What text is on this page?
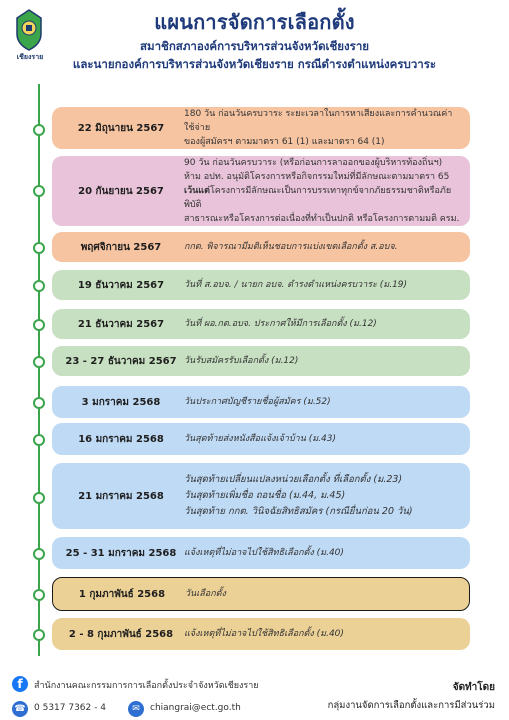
เชียงราย
แผนการจัดการเลือกตั้ง
สมาชิกสภาองค์การบริหารส่วนจังหวัดเชียงราย
และนายกองค์การบริหารส่วนจังหวัดเชียงราย กรณีดำรงตำแหน่งครบวาระ
22 มิถุนายน 2567
180 วัน ก่อนวันครบวาระ ระยะเวลาในการหาเสียงและการคำนวณค่าใช้จ่าย
ของผู้สมัครฯ ตามมาตรา 61 (1) และมาตรา 64 (1)
20 กันยายน 2567
90 วัน ก่อนวันครบวาระ (หรือก่อนการลาออกของผู้บริหารท้องถิ่นฯ)
ห้าม อปท. อนุมัติโครงการหรือกิจกรรมใหม่ที่มีลักษณะตามมาตรา 65
เว้นแต่โครงการมีลักษณะเป็นการบรรเทาทุกข์จากภัยธรรมชาติหรือภัยพิบัติ
สาธารณะหรือโครงการต่อเนื่องที่ทำเป็นปกติ หรือโครงการตามมติ ครม.
พฤศจิกายน 2567	กกต. พิจารณามีมติเห็นชอบการแบ่งเขตเลือกตั้ง ส.อบจ.
19 ธันวาคม 2567	วันที่ ส.อบจ. / นายก อบจ. ดำรงตำแหน่งครบวาระ (ม.19)
21 ธันวาคม 2567	วันที่ ผอ.กต.อบจ. ประกาศให้มีการเลือกตั้ง (ม.12)
23 - 27 ธันวาคม 2567 วันรับสมัครรับเลือกตั้ง (ม.12)
3 มกราคม 2568	วันประกาศบัญชีรายชื่อผู้สมัคร (ม.52)
16 มกราคม 2568	วันสุดท้ายส่งหนังสือแจ้งเจ้าบ้าน (ม.43)
21 มกราคม 2568
วันสุดท้ายเปลี่ยนแปลงหน่วยเลือกตั้ง ที่เลือกตั้ง (ม.23)
วันสุดท้ายเพิ่มชื่อ ถอนชื่อ (ม.44, ม.45)
วันสุดท้าย กกต. วินิจฉัยสิทธิสมัคร (กรณียื่นก่อน 20 วัน)
25 - 31 มกราคม 2568 แจ้งเหตุที่ไม่อาจไปใช้สิทธิเลือกตั้ง (ม.40)
1 กุมภาพันธ์ 2568	วันเลือกตั้ง
2 - 8 กุมภาพันธ์ 2568	แจ้งเหตุที่ไม่อาจไปใช้สิทธิเลือกตั้ง (ม.40)
f	สำนักงานคณะกรรมการการเลือกตั้งประจำจังหวัดเชียงราย
☎ 0 5317 7362 - 4	✉	chiangrai@ect.go.th
จัดทำโดย
กลุ่มงานจัดการเลือกตั้งและการมีส่วนร่วม
